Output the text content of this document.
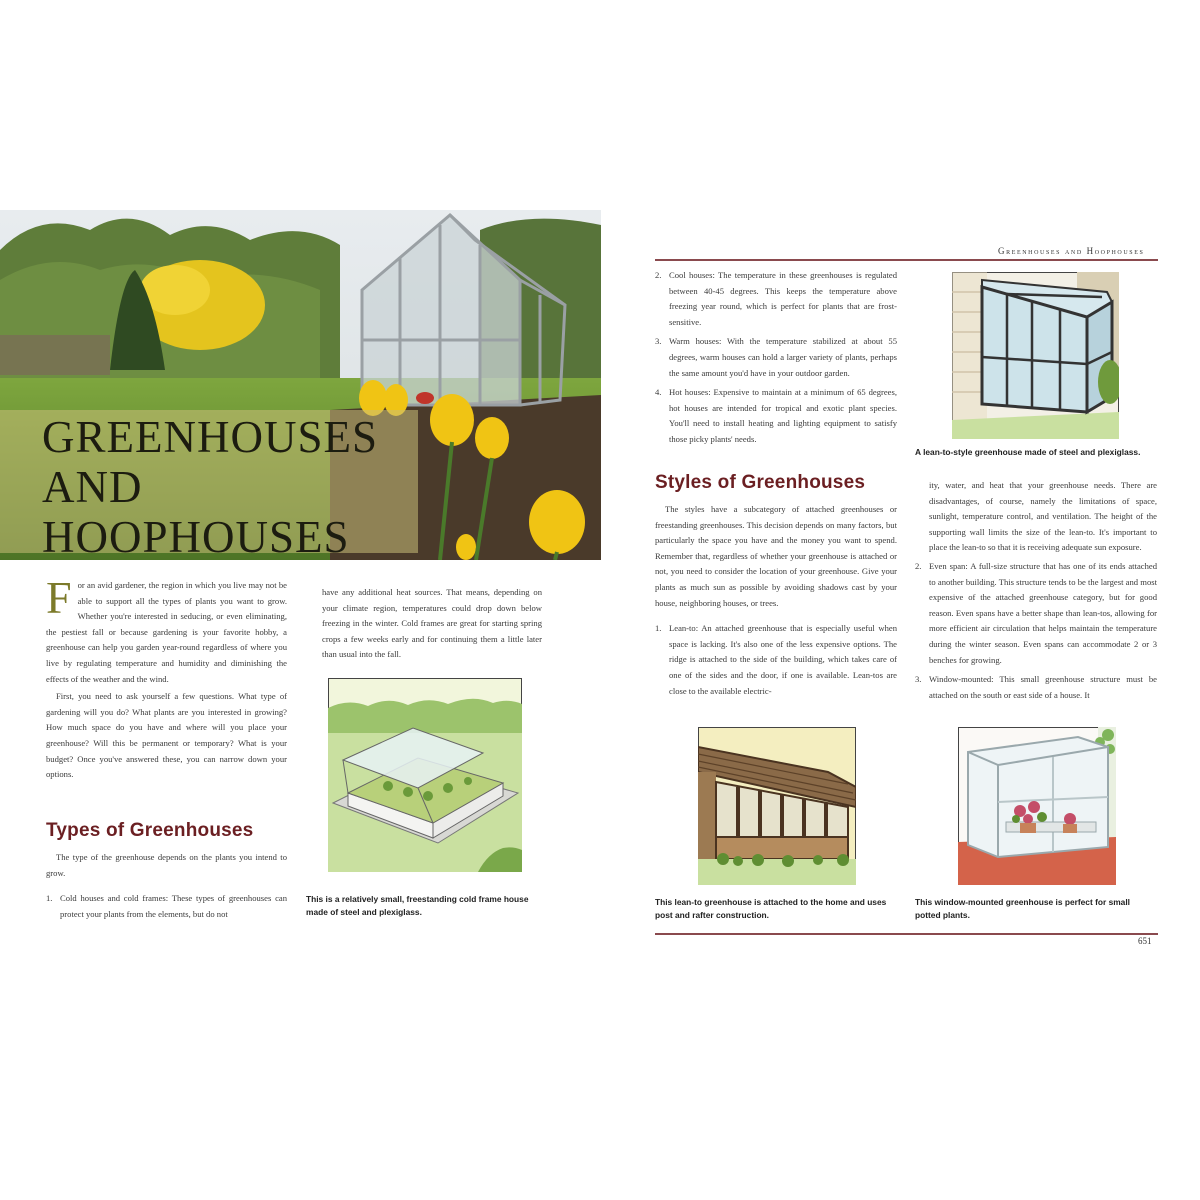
GREENHOUSES
AND
HOOPHOUSES
F or an avid gardener, the region in which you live may not be able to support all the types of plants you want to grow. Whether you're interested in seducing, or even eliminating, the pestiest fall or because gardening is your favorite hobby, a greenhouse can help you garden year-round regardless of where you live by regulating temperature and humidity and diminishing the effects of the weather and the wind.

First, you need to ask yourself a few questions. What type of gardening will you do? What plants are you interested in growing? How much space do you have and where will you place your greenhouse? Will this be permanent or temporary? What is your budget? Once you've answered these, you can narrow down your options.

Types of Greenhouses

The type of the greenhouse depends on the plants you intend to grow.

1. Cold houses and cold frames: These types of greenhouses can protect your plants from the elements, but do not
have any additional heat sources. That means, depending on your climate region, temperatures could drop down below freezing in the winter. Cold frames are great for starting spring crops a few weeks early and for continuing them a little later than usual into the fall.
This is a relatively small, freestanding cold frame house made of steel and plexiglass.
Greenhouses and Hoophouses
2. Cool houses: The temperature in these greenhouses is regulated between 40-45 degrees. This keeps the temperature above freezing year round, which is perfect for plants that are frost-sensitive.
3. Warm houses: With the temperature stabilized at about 55 degrees, warm houses can hold a larger variety of plants, perhaps the same amount you'd have in your outdoor garden.
4. Hot houses: Expensive to maintain at a minimum of 65 degrees, hot houses are intended for tropical and exotic plant species. You'll need to install heating and lighting equipment to satisfy those picky plants' needs.
Styles of Greenhouses

The styles have a subcategory of attached greenhouses or freestanding greenhouses. This decision depends on many factors, but particularly the space you have and the money you want to spend. Remember that, regardless of whether your greenhouse is attached or not, you need to consider the location of your greenhouse. Give your plants as much sun as possible by avoiding shadows cast by your house, neighboring houses, or trees.

1. Lean-to: An attached greenhouse that is especially useful when space is lacking. It's also one of the less expensive options. The ridge is attached to the side of the building, which takes care of one of the sides and the door, if one is available. Lean-tos are close to the available electric-
ity, water, and heat that your greenhouse needs. There are disadvantages, of course, namely the limitations of space, sunlight, temperature control, and ventilation. The height of the supporting wall limits the size of the lean-to. It's important to place the lean-to so that it is receiving adequate sun exposure.
2. Even span: A full-size structure that has one of its ends attached to another building. This structure tends to be the largest and most expensive of the attached greenhouse category, but for good reason. Even spans have a better shape than lean-tos, allowing for more efficient air circulation that helps maintain the temperature during the winter season. Even spans can accommodate 2 or 3 benches for growing.
3. Window-mounted: This small greenhouse structure must be attached on the south or east side of a house. It
A lean-to-style greenhouse made of steel and plexiglass.
This lean-to greenhouse is attached to the home and uses post and rafter construction.
This window-mounted greenhouse is perfect for small potted plants.
651
